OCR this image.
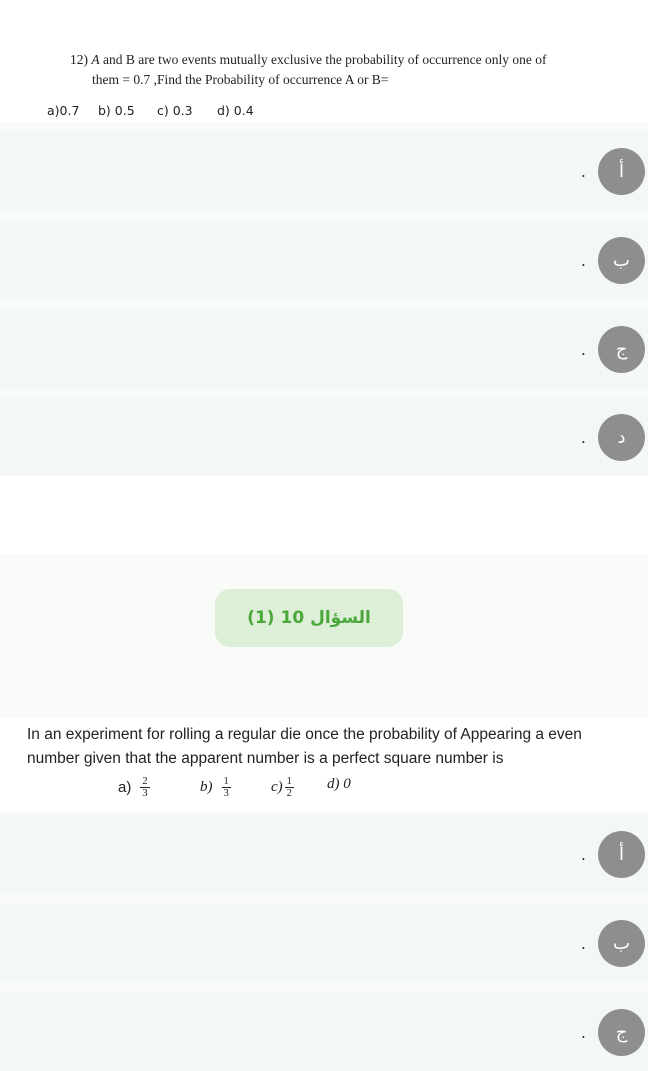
12) A and B are two events mutually exclusive the probability of occurrence only one of
them = 0.7 ,Find the Probability of occurrence A or B=
a)0.7 b) 0.5 c) 0.3 d) 0.4
.	أ
.	ب
.	ج
.	د
السؤال 10 (1)
In an experiment for rolling a regular die once the probability of Appearing a even number given that the apparent number is a perfect square number is
$a) \frac{2}{3}$	$b) \frac{1}{3}$	$c) \frac{1}{2} d$) 0
.	أ
.	ب
.	ج
